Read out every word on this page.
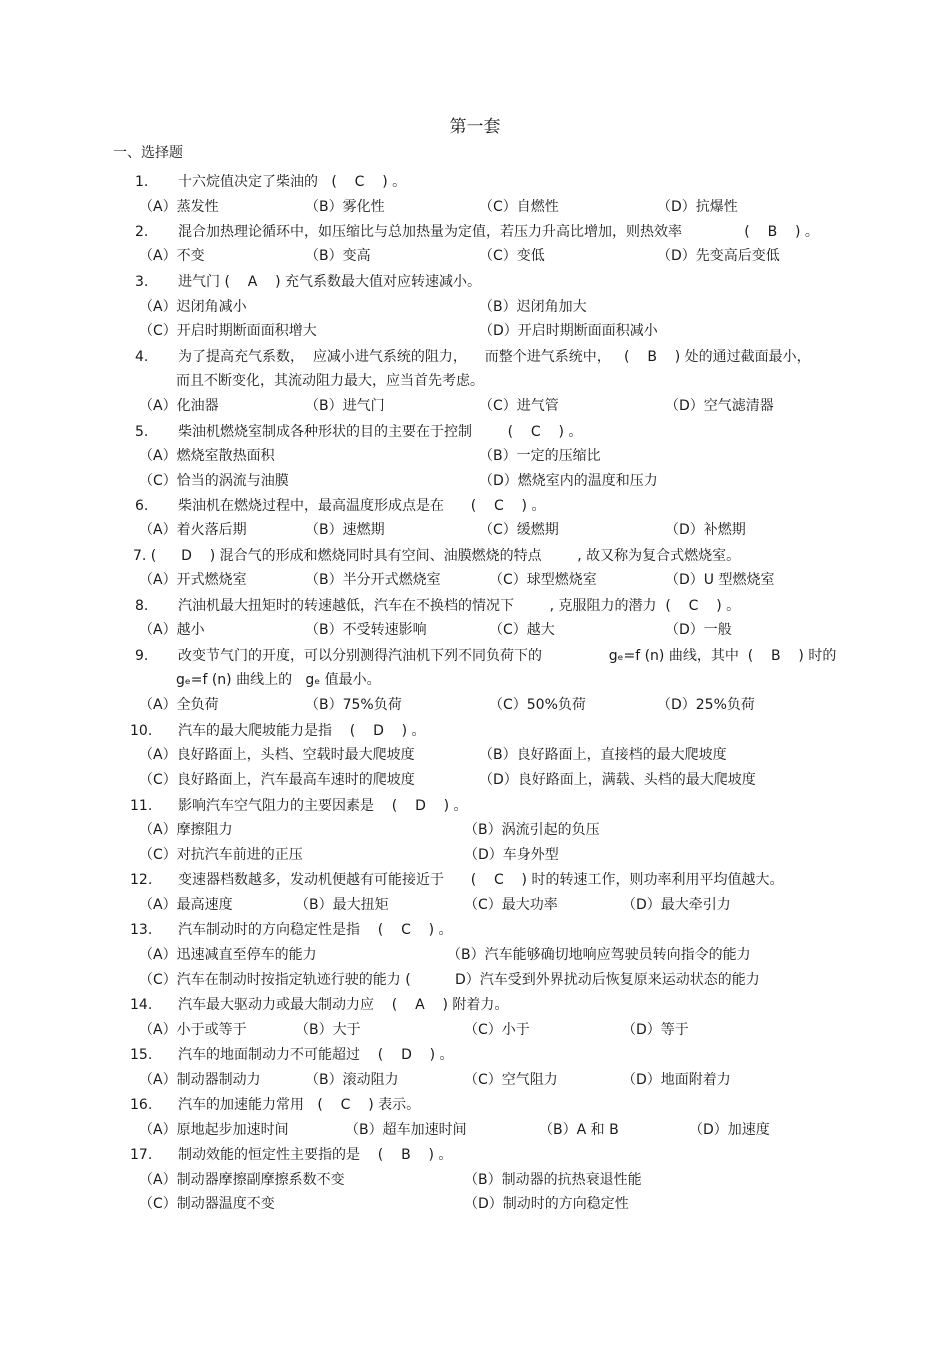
第一套
一、选择题
1. 十六烷值决定了柴油的   (    C    ) 。
（A）蒸发性	（B）雾化性	（C）自燃性	（D）抗爆性
2. 混合加热理论循环中，如压缩比与总加热量为定值，若压力升高比增加，则热效率              (    B    ) 。
（A）不变	（B）变高	（C）变低	（D）先变高后变低
3. 进气门 (    A    ) 充气系数最大值对应转速减小。
（A）迟闭角减小	（B）迟闭角加大
（C）开启时期断面面积增大	（D）开启时期断面面积减小
4. 为了提高充气系数，  应减小进气系统的阻力，    而整个进气系统中，   (    B    ) 处的通过截面最小，
而且不断变化，其流动阻力最大，应当首先考虑。
（A）化油器	（B）进气门	（C）进气管	（D）空气滤清器
5. 柴油机燃烧室制成各种形状的目的主要在于控制        (    C    ) 。
（A）燃烧室散热面积	（B）一定的压缩比
（C）恰当的涡流与油膜	（D）燃烧室内的温度和压力
6. 柴油机在燃烧过程中，最高温度形成点是在      (    C    ) 。
（A）着火落后期	（B）速燃期	（C）缓燃期	（D）补燃期
7. (
D    ) 混合气的形成和燃烧同时具有空间、油膜燃烧的特点        , 故又称为复合式燃烧室。
（A）开式燃烧室	（B）半分开式燃烧室	（C）球型燃烧室	（D）U 型燃烧室
8. 汽油机最大扭矩时的转速越低，汽车在不换档的情况下        , 克服阻力的潜力  (    C    ) 。
（A）越小	（B）不受转速影响	（C）越大	（D）一般
9. 改变节气门的开度，可以分别测得汽油机下列不同负荷下的               gₑ=f (n) 曲线，其中  (    B    ) 时的
gₑ=f (n) 曲线上的   gₑ 值最小。
（A）全负荷	（B）75%负荷	（C）50%负荷	（D）25%负荷
10. 汽车的最大爬坡能力是指    (    D    ) 。
（A）良好路面上，头档、空载时最大爬坡度	（B）良好路面上，直接档的最大爬坡度
（C）良好路面上，汽车最高车速时的爬坡度	（D）良好路面上，满载、头档的最大爬坡度
11. 影响汽车空气阻力的主要因素是    (    D    ) 。
（A）摩擦阻力	（B）涡流引起的负压
（C）对抗汽车前进的正压	（D）车身外型
12. 变速器档数越多，发动机便越有可能接近于      (    C    ) 时的转速工作，则功率利用平均值越大。
（A）最高速度	（B）最大扭矩	（C）最大功率	（D）最大牵引力
13. 汽车制动时的方向稳定性是指    (    C    ) 。
（A）迅速减直至停车的能力	（B）汽车能够确切地响应驾驶员转向指令的能力
（C）汽车在制动时按指定轨迹行驶的能力 (	D）汽车受到外界扰动后恢复原来运动状态的能力
14. 汽车最大驱动力或最大制动力应    (    A    ) 附着力。
（A）小于或等于	（B）大于	（C）小于	（D）等于
15. 汽车的地面制动力不可能超过    (    D    ) 。
（A）制动器制动力	（B）滚动阻力	（C）空气阻力	（D）地面附着力
16. 汽车的加速能力常用   (    C    ) 表示。
（A）原地起步加速时间	（B）超车加速时间	（B）A 和 B	（D）加速度
17. 制动效能的恒定性主要指的是    (    B    ) 。
（A）制动器摩擦副摩擦系数不变	（B）制动器的抗热衰退性能
（C）制动器温度不变	（D）制动时的方向稳定性
